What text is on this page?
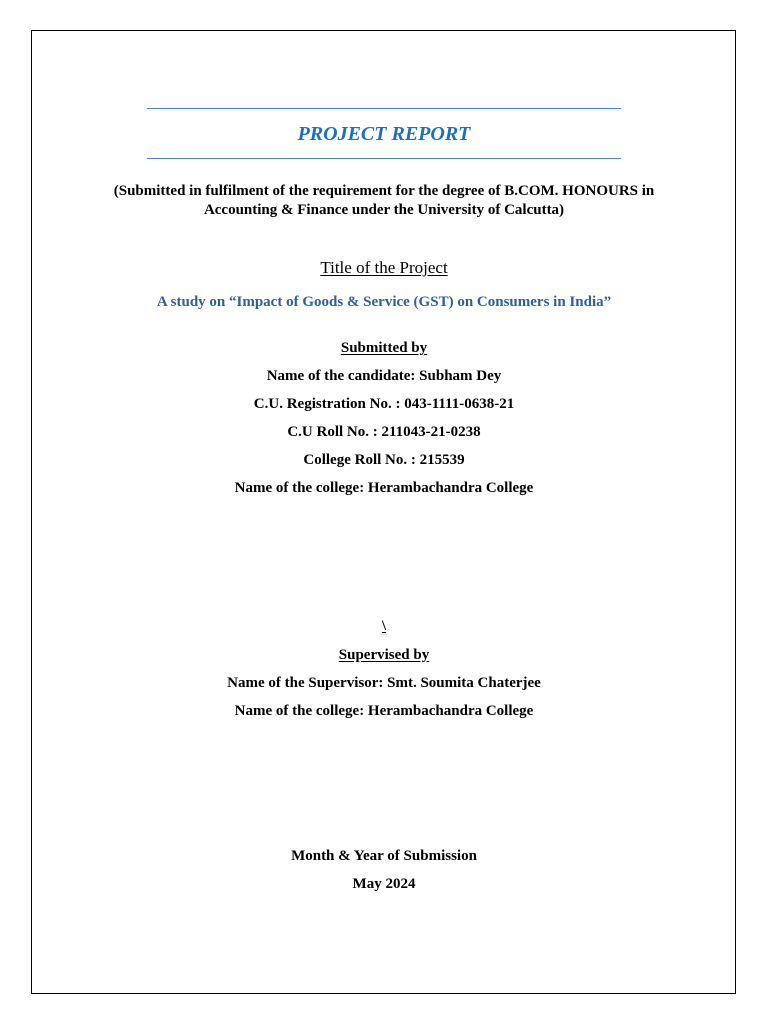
PROJECT REPORT
(Submitted in fulfilment of the requirement for the degree of B.COM. HONOURS in
Accounting & Finance under the University of Calcutta)
Title of the Project
A study on “Impact of Goods & Service (GST) on Consumers in India”
Submitted by
Name of the candidate: Subham Dey
C.U. Registration No. : 043-1111-0638-21
C.U Roll No. : 211043-21-0238
College Roll No. : 215539
Name of the college: Herambachandra College
\
Supervised by
Name of the Supervisor: Smt. Soumita Chaterjee
Name of the college: Herambachandra College
Month & Year of Submission
May 2024
